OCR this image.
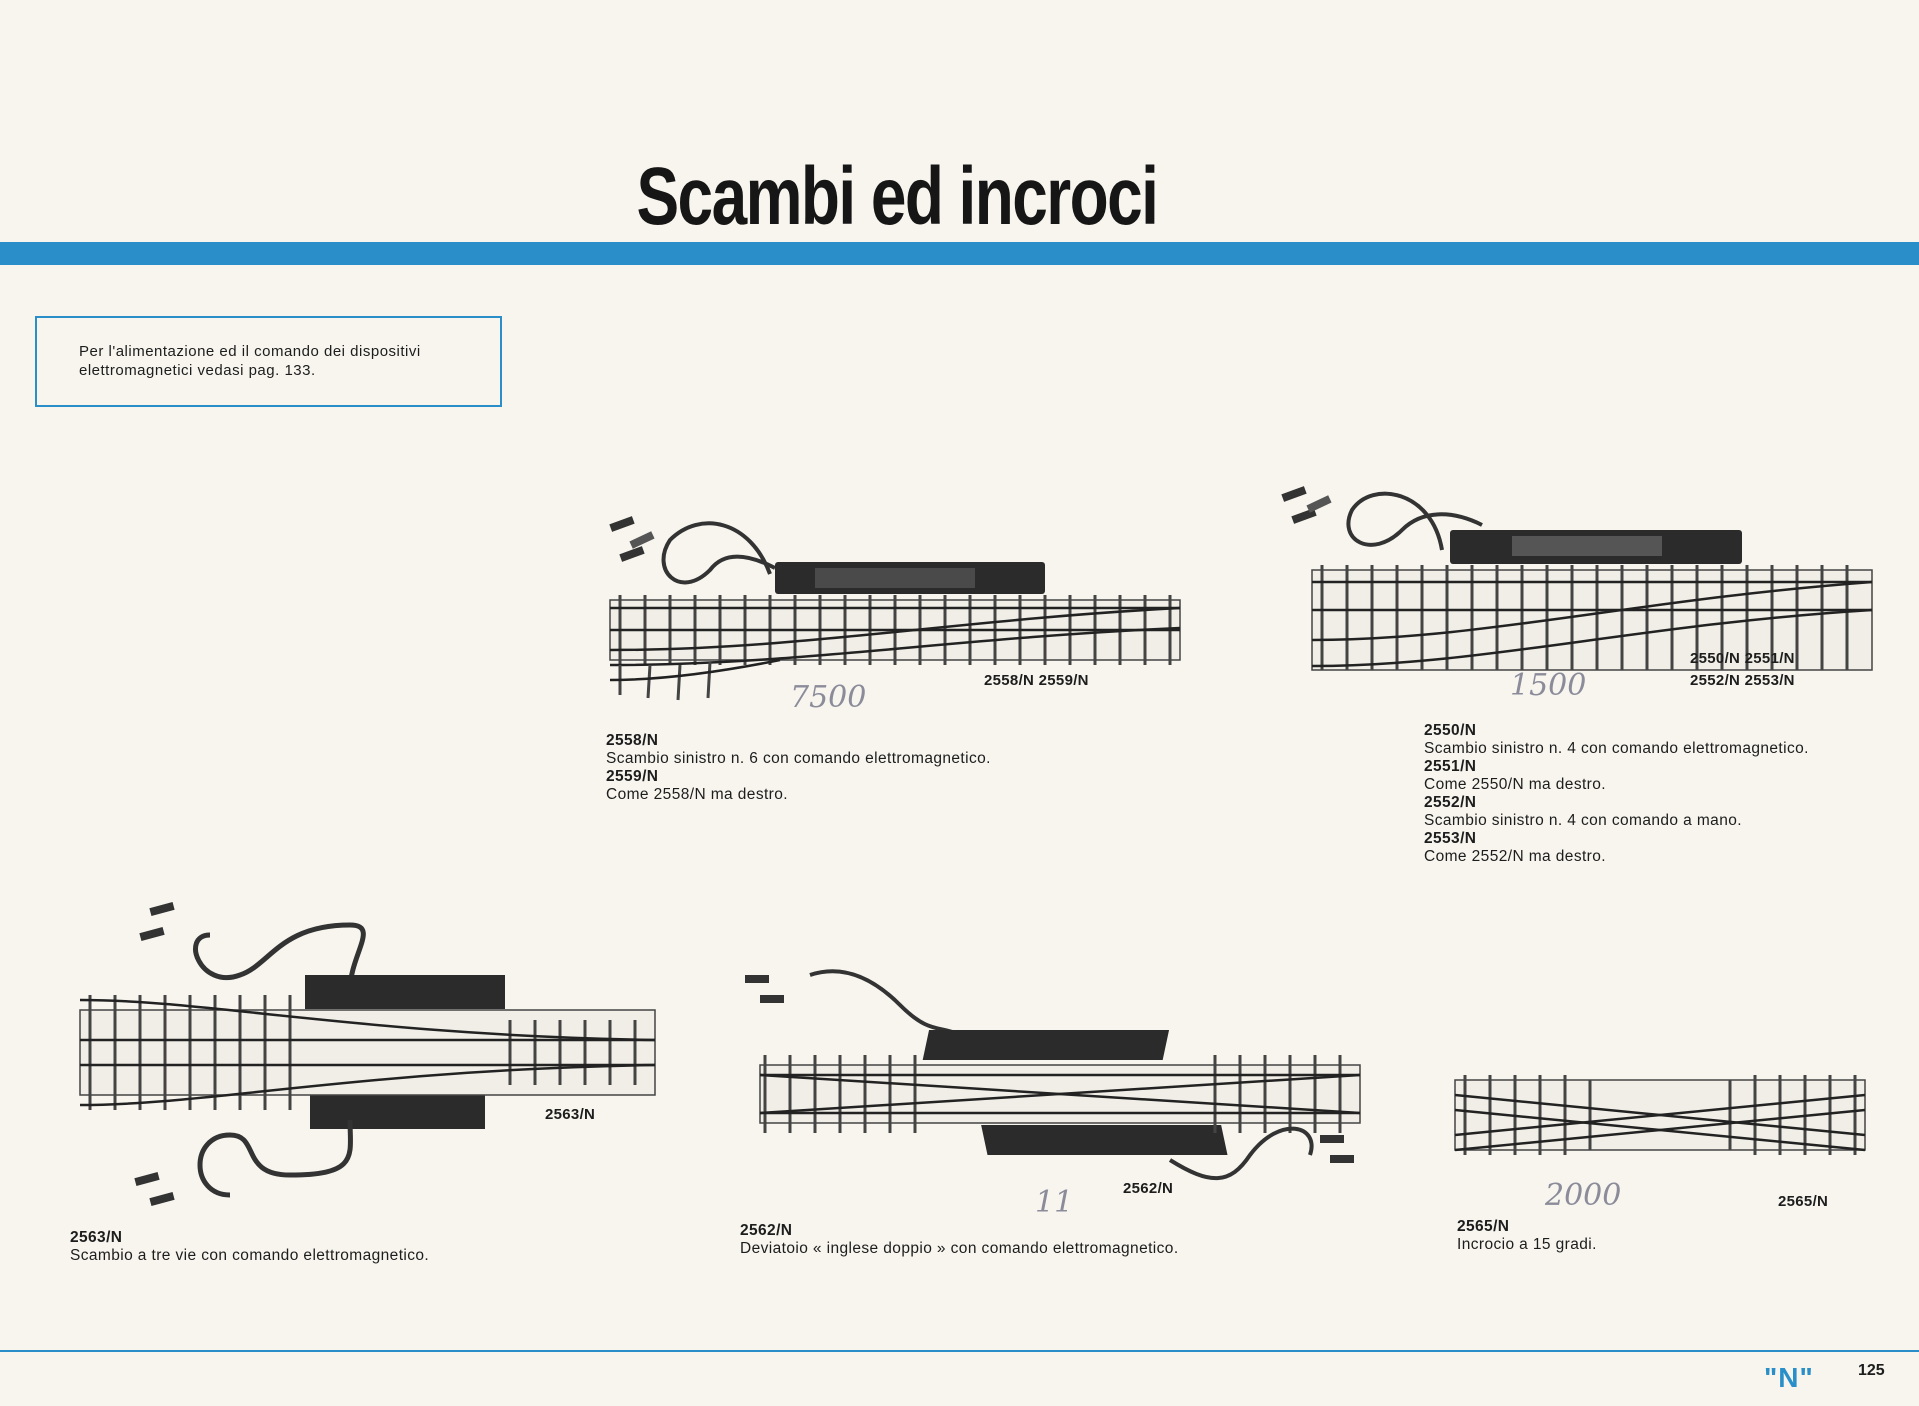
Scambi ed incroci
Per l'alimentazione ed il comando dei dispositivi elettromagnetici vedasi pag. 133.
2558/N 2559/N
7500
2558/N
Scambio sinistro n. 6 con comando elettromagnetico.
2559/N
Come 2558/N ma destro.
2550/N 2551/N
2552/N 2553/N
1500
2550/N
Scambio sinistro n. 4 con comando elettromagnetico.
2551/N
Come 2550/N ma destro.
2552/N
Scambio sinistro n. 4 con comando a mano.
2553/N
Come 2552/N ma destro.
2563/N
2563/N
Scambio a tre vie con comando elettromagnetico.
2562/N
11
2562/N
Deviatoio « inglese doppio » con comando elettromagnetico.
2565/N
2000
2565/N
Incrocio a 15 gradi.
"N"	125
